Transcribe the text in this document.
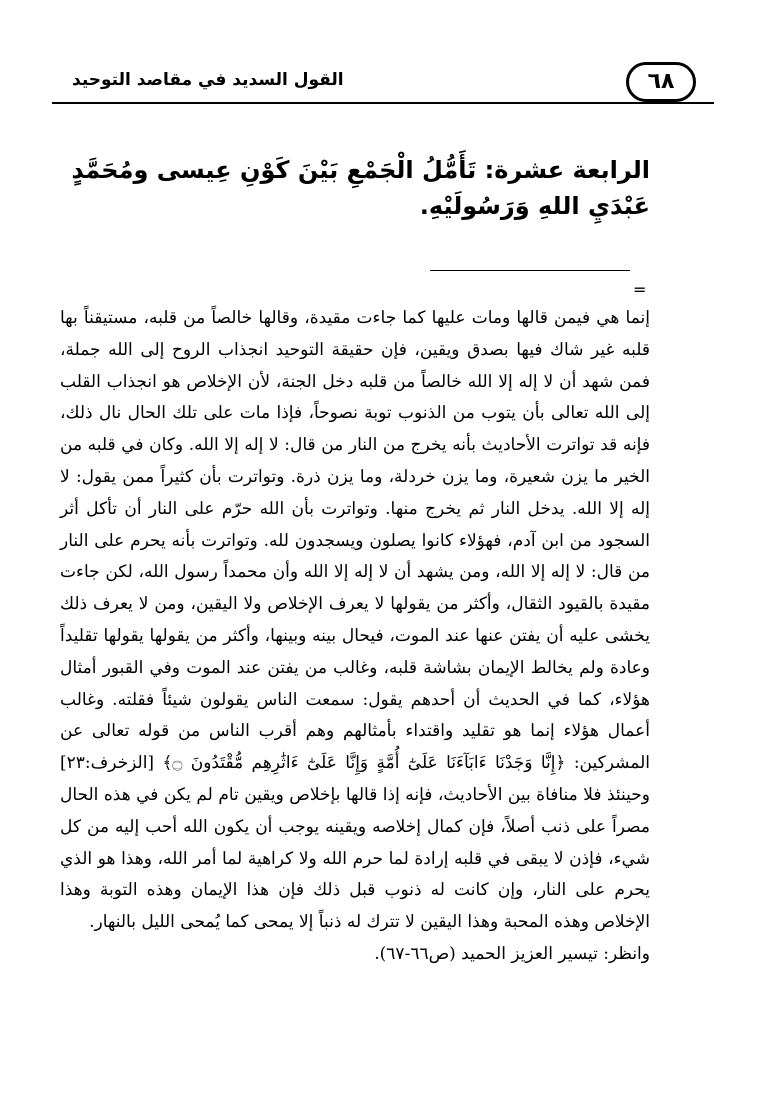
القول السديد في مقاصد التوحيد	٦٨
الرابعة عشرة: تَأَمُّلُ الْجَمْعِ بَيْنَ كَوْنِ عِيسى ومُحَمَّدٍ عَبْدَيِ اللهِ وَرَسُولَيْهِ.
=

إنما هي فيمن قالها ومات عليها كما جاءت مقيدة، وقالها خالصاً من قلبه، مستيقناً بها قلبه غير شاك فيها بصدق ويقين، فإن حقيقة التوحيد انجذاب الروح إلى الله جملة، فمن شهد أن لا إله إلا الله خالصاً من قلبه دخل الجنة، لأن الإخلاص هو انجذاب القلب إلى الله تعالى بأن يتوب من الذنوب توبة نصوحاً، فإذا مات على تلك الحال نال ذلك، فإنه قد تواترت الأحاديث بأنه يخرج من النار من قال: لا إله إلا الله. وكان في قلبه من الخير ما يزن شعيرة، وما يزن خردلة، وما يزن ذرة. وتواترت بأن كثيراً ممن يقول: لا إله إلا الله. يدخل النار ثم يخرج منها. وتواترت بأن الله حرّم على النار أن تأكل أثر السجود من ابن آدم، فهؤلاء كانوا يصلون ويسجدون لله. وتواترت بأنه يحرم على النار من قال: لا إله إلا الله، ومن يشهد أن لا إله إلا الله وأن محمداً رسول الله، لكن جاءت مقيدة بالقيود الثقال، وأكثر من يقولها لا يعرف الإخلاص ولا اليقين، ومن لا يعرف ذلك يخشى عليه أن يفتن عنها عند الموت، فيحال بينه وبينها، وأكثر من يقولها يقولها تقليداً وعادة ولم يخالط الإيمان بشاشة قلبه، وغالب من يفتن عند الموت وفي القبور أمثال هؤلاء، كما في الحديث أن أحدهم يقول: سمعت الناس يقولون شيئاً فقلته. وغالب أعمال هؤلاء إنما هو تقليد واقتداء بأمثالهم وهم أقرب الناس من قوله تعالى عن المشركين: ﴿إِنَّا وَجَدْنَا ءَابَآءَنَا عَلَىٰٓ أُمَّةٍ وَإِنَّا عَلَىٰٓ ءَاثَٰرِهِم مُّقْتَدُونَ ۝﴾ [الزخرف:٢٣] وحينئذ فلا منافاة بين الأحاديث، فإنه إذا قالها بإخلاص ويقين تام لم يكن في هذه الحال مصراً على ذنب أصلاً، فإن كمال إخلاصه ويقينه يوجب أن يكون الله أحب إليه من كل شيء، فإذن لا يبقى في قلبه إرادة لما حرم الله ولا كراهية لما أمر الله، وهذا هو الذي يحرم على النار، وإن كانت له ذنوب قبل ذلك فإن هذا الإيمان وهذه التوبة وهذا الإخلاص وهذه المحبة وهذا اليقين لا تترك له ذنباً إلا يمحى كما يُمحى الليل بالنهار.

وانظر: تيسير العزيز الحميد (ص٦٦-٦٧).
